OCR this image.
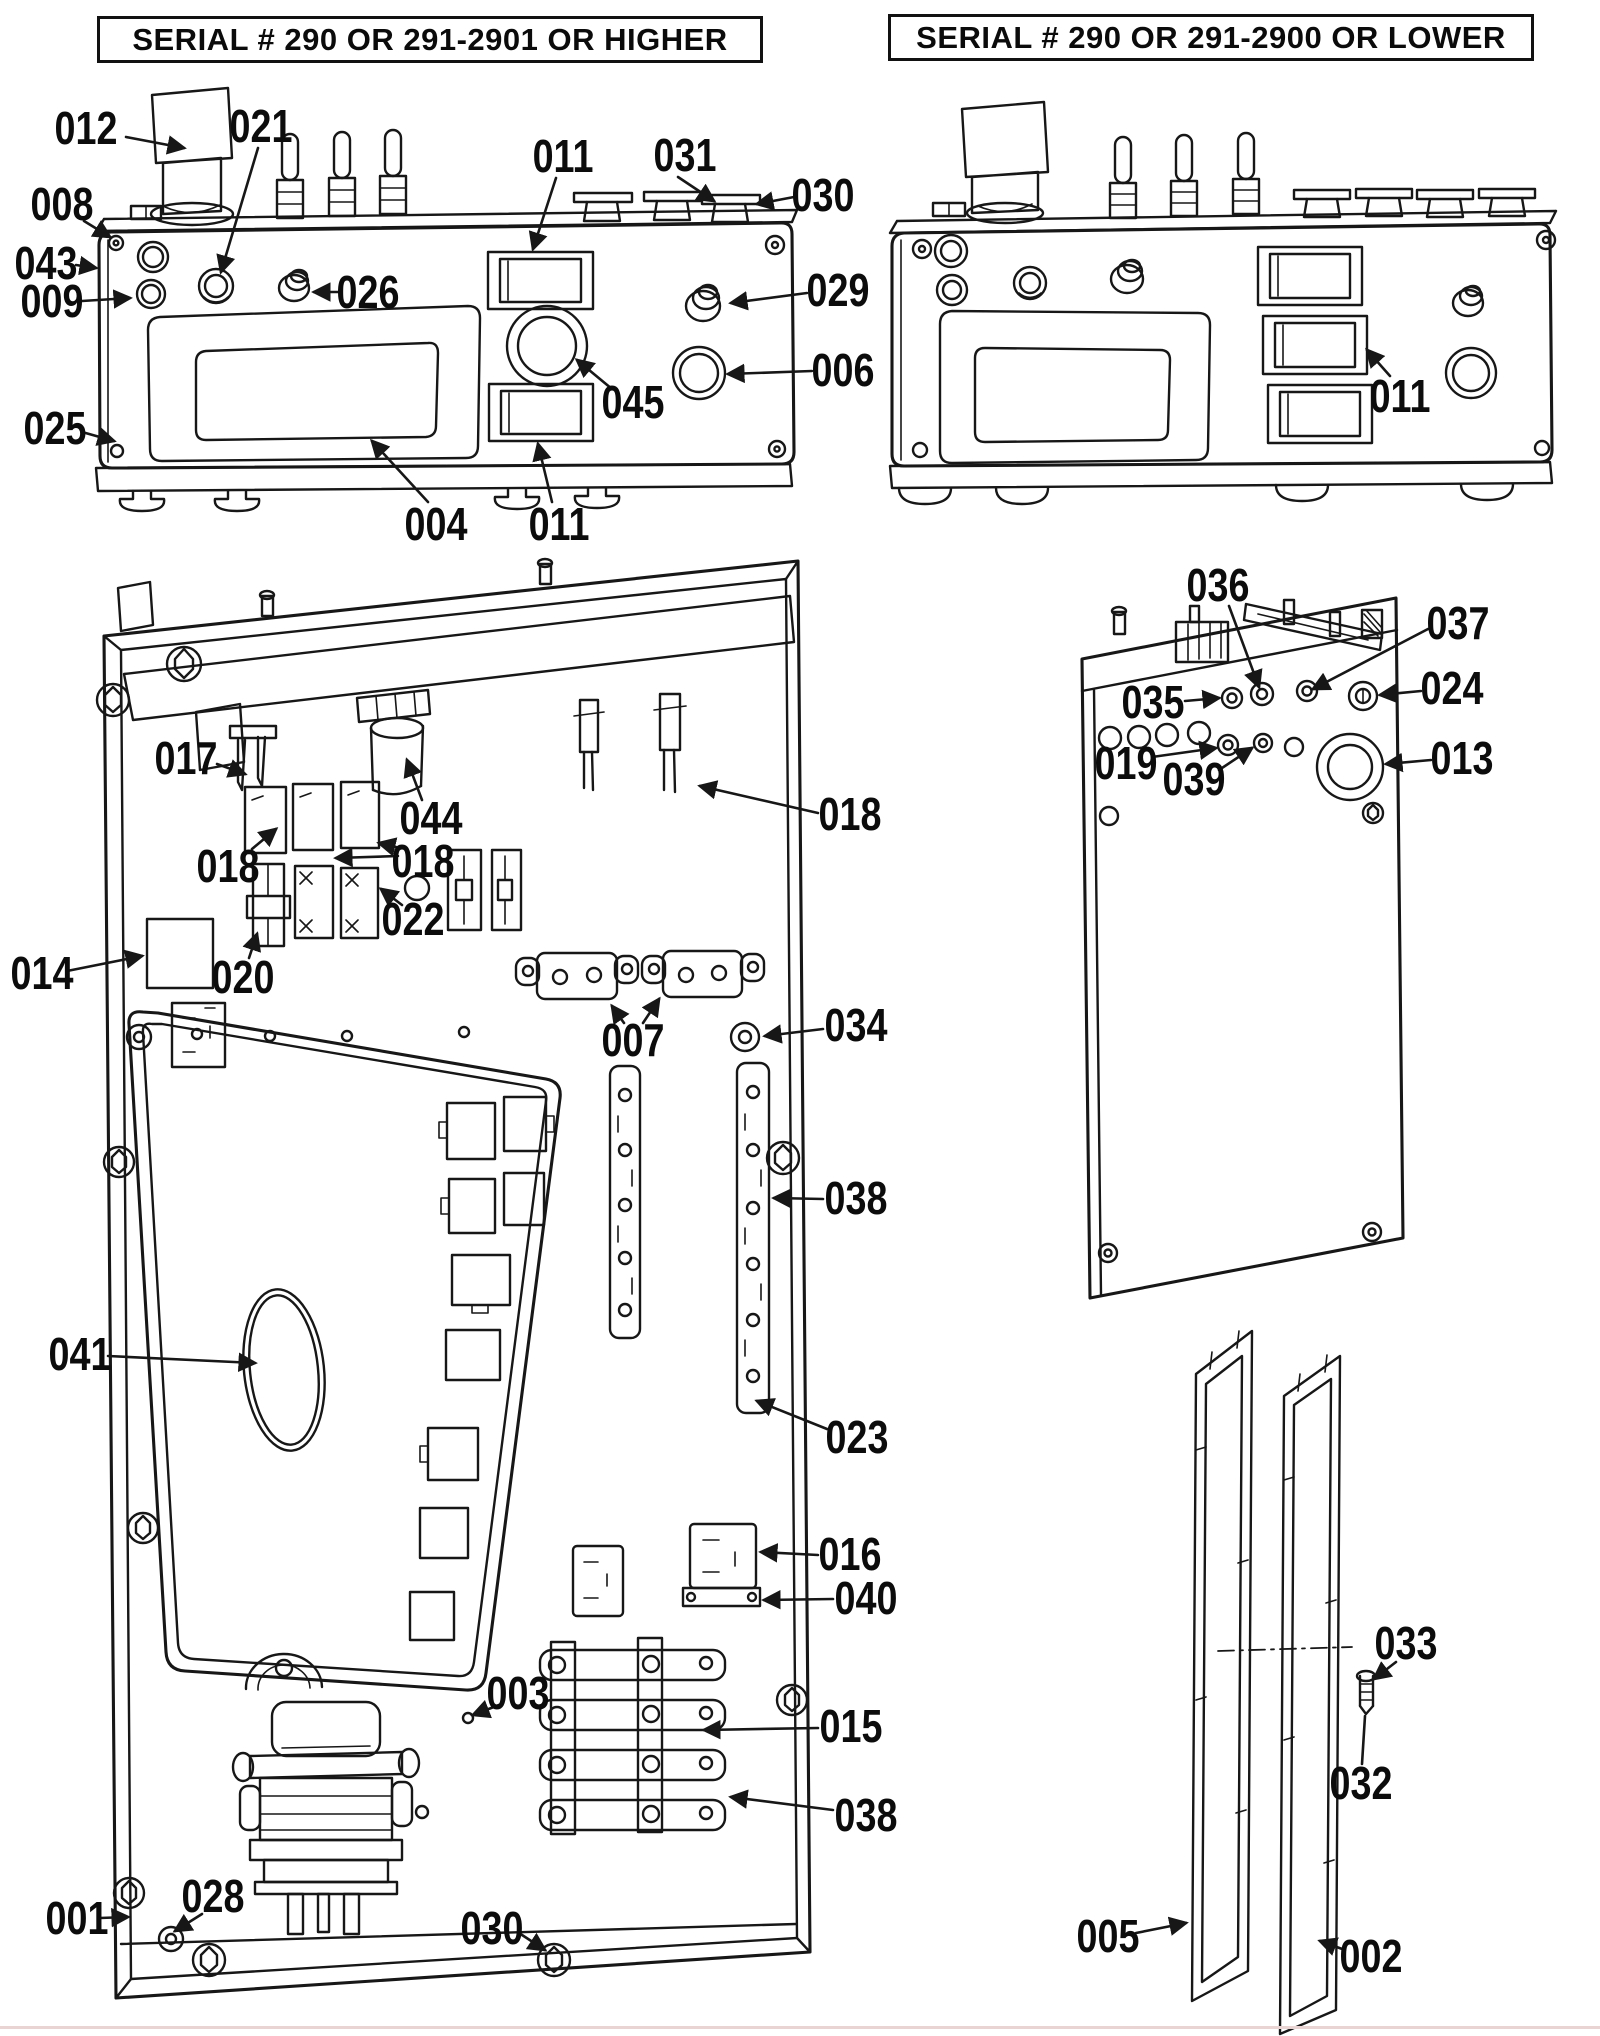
SERIAL # 290 OR 291-2901 OR HIGHER	SERIAL # 290 OR 291-2900 OR LOWER
012 021
008
043
009
025
011 031
030
026	029
006
045
004 011
011
017
018
044
018
018
022
014	020
007	034
038
041
023
016
040
003
015
038
001 028
030
036
037
024
035
013
019 039
033
032
005	002
